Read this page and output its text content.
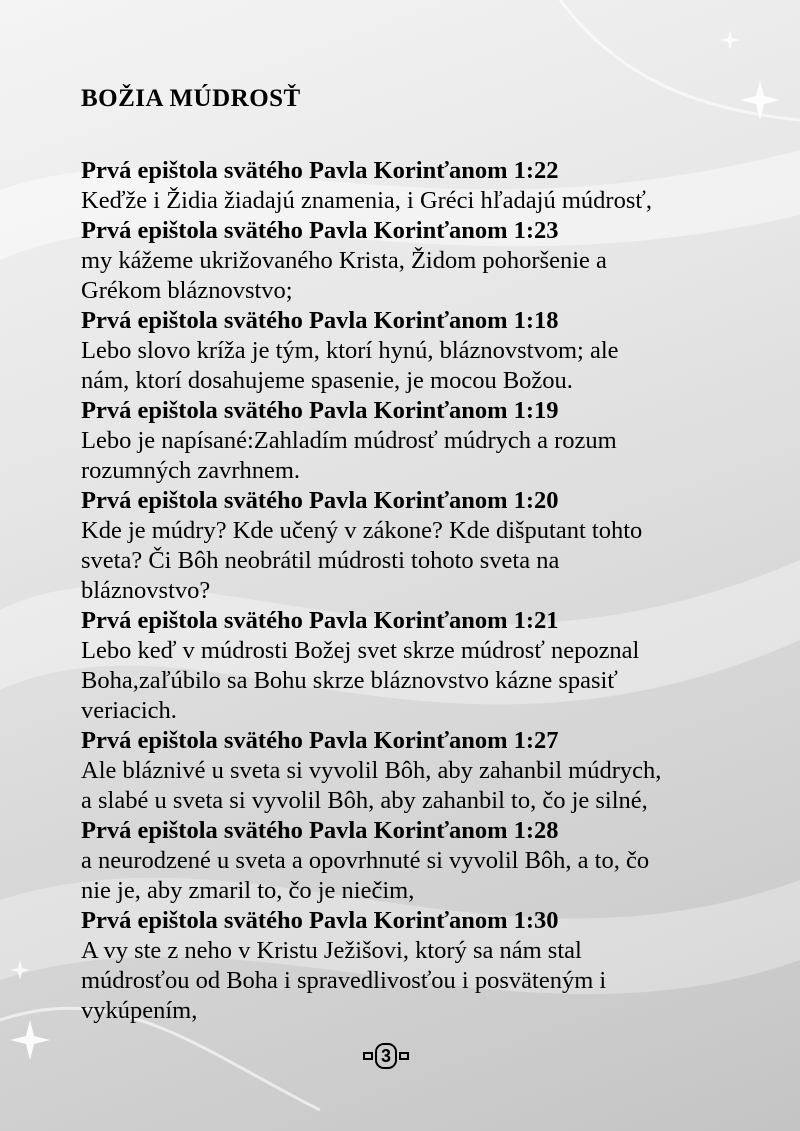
BOŽIA MÚDROSŤ

Prvá epištola svätého Pavla Korinťanom 1:22

Keďže i Židia žiadajú znamenia, i Gréci hľadajú múdrosť,

Prvá epištola svätého Pavla Korinťanom 1:23

my kážeme ukrižovaného Krista, Židom pohoršenie a

Grékom bláznovstvo;

Prvá epištola svätého Pavla Korinťanom 1:18

Lebo slovo kríža je tým, ktorí hynú, bláznovstvom; ale

nám, ktorí dosahujeme spasenie, je mocou Božou.

Prvá epištola svätého Pavla Korinťanom 1:19

Lebo je napísané:Zahladím múdrosť múdrych a rozum

rozumných zavrhnem.

Prvá epištola svätého Pavla Korinťanom 1:20

Kde je múdry? Kde učený v zákone? Kde dišputant tohto

sveta? Či Bôh neobrátil múdrosti tohoto sveta na

bláznovstvo?

Prvá epištola svätého Pavla Korinťanom 1:21

Lebo keď v múdrosti Božej svet skrze múdrosť nepoznal

Boha,zaľúbilo sa Bohu skrze bláznovstvo kázne spasiť

veriacich.

Prvá epištola svätého Pavla Korinťanom 1:27

Ale bláznivé u sveta si vyvolil Bôh, aby zahanbil múdrych,

a slabé u sveta si vyvolil Bôh, aby zahanbil to, čo je silné,

Prvá epištola svätého Pavla Korinťanom 1:28

a neurodzené u sveta a opovrhnuté si vyvolil Bôh, a to, čo

nie je, aby zmaril to, čo je niečim,

Prvá epištola svätého Pavla Korinťanom 1:30

A vy ste z neho v Kristu Ježišovi, ktorý sa nám stal

múdrosťou od Boha i spravedlivosťou i posväteným i

vykúpením,

3
